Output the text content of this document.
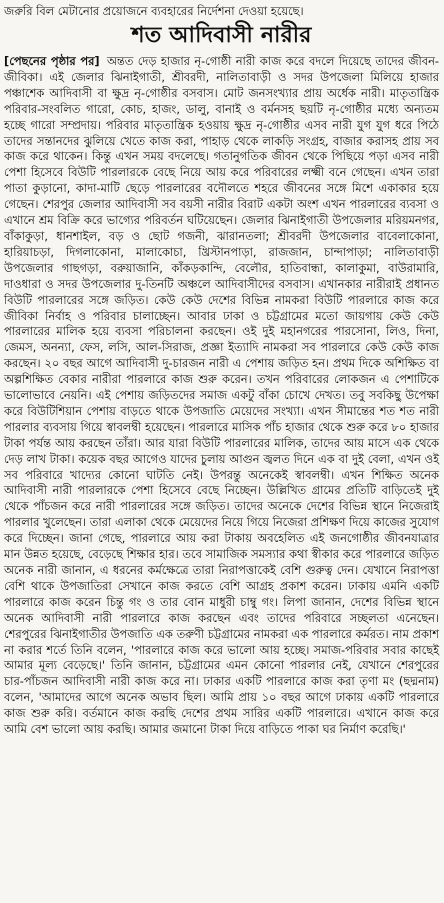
জরুরি বিল মেটানোর প্রয়োজনে ব্যবহারের নির্দেশনা দেওয়া হয়েছে।
শত আদিবাসী নারীর
[পেছনের পৃষ্ঠার পর] অন্তত দেড় হাজার নৃ-গোষ্ঠী নারী কাজ করে বদলে দিয়েছে তাদের জীবন-জীবিকা। এই জেলার ঝিনাইগাতী, শ্রীবরদী, নালিতাবাড়ী ও সদর উপজেলা মিলিয়ে হাজার পঞ্চাশেক আদিবাসী বা ক্ষুদ্র নৃ-গোষ্ঠীর বসবাস। মোট জনসংখ্যার প্রায় অর্ধেক নারী। মাতৃতান্ত্রিক পরিবার-সংবলিত গারো, কোচ, হাজং, ডালু, বানাই ও বর্মনসহ ছয়টি নৃ-গোষ্ঠীর মধ্যে অন্যতম হচ্ছে গারো সম্প্রদায়। পরিবার মাতৃতান্ত্রিক হওয়ায় ক্ষুদ্র নৃ-গোষ্ঠীর এসব নারী যুগ যুগ ধরে পিঠে তাদের সন্তানদের ঝুলিয়ে খেতে কাজ করা, পাহাড় থেকে লাকড়ি সংগ্রহ, বাজার করাসহ প্রায় সব কাজ করে থাকেন। কিন্তু এখন সময় বদলেছে। গতানুগতিক জীবন থেকে পিছিয়ে পড়া এসব নারী পেশা হিসেবে বিউটি পারলারকে বেছে নিয়ে আয় করে পরিবারের লক্ষ্মী বনে গেছেন। এখন তারা পাতা কুড়ানো, কাদা-মাটি ছেড়ে পারলারের বদৌলতে শহরে জীবনের সঙ্গে মিশে একাকার হয়ে গেছেন। শেরপুর জেলার আদিবাসী সব বয়সী নারীর বিরাট একটা অংশ এখন পারলারের ব্যবসা ও এখানে শ্রম বিক্রি করে ভাগ্যের পরিবর্তন ঘটিয়েছেন। জেলার ঝিনাইগাতী উপজেলার মরিয়মনগর, বাঁকাকুড়া, ধানশাইল, বড় ও ছোট গজনী, ঝারানতলা; শ্রীবরদী উপজেলার বাবেলাকোনা, হারিয়াচড়া, দিগলাকোনা, মালাকোচা, খ্রিস্টানপাড়া, রাজজান, চান্দাপাড়া; নালিতাবাড়ী উপজেলার গাছগড়া, বরুয়াজানি, কাঁকড়কান্দি, বেলৌর, হাতিবান্ধা, কালাকুমা, বাউরামারি, দাওধারা ও সদর উপজেলার দু-তিনটি অঞ্চলে আদিবাসীদের বসবাস। এখানকার নারীরাই প্রধানত বিউটি পারলারের সঙ্গে জড়িত। কেউ কেউ দেশের বিভিন্ন নামকরা বিউটি পারলারে কাজ করে জীবিকা নির্বাহ ও পরিবার চালাচ্ছেন। আবার ঢাকা ও চট্টগ্রামের মতো জায়গায় কেউ কেউ পারলারের মালিক হয়ে ব্যবসা পরিচালনা করছেন। ওই দুই মহানগরের পারসোনা, লিও, দিনা, জেমস, অনন্যা, ফেস, লসি, আল-সিরাজ, প্রজ্ঞা ইত্যাদি নামকরা সব পারলারে কেউ কেউ কাজ করছেন। ২০ বছর আগে আদিবাসী দু-চারজন নারী এ পেশায় জড়িত হন। প্রথম দিকে অশিক্ষিত বা অল্পশিক্ষিত বেকার নারীরা পারলারে কাজ শুরু করেন। তখন পরিবারের লোকজন এ পেশাটিকে ভালোভাবে নেয়নি। এই পেশায় জড়িতদের সমাজ একটু বাঁকা চোখে দেখত। তবু সবকিছু উপেক্ষা করে বিউটিশিয়ান পেশায় বাড়তে থাকে উপজাতি মেয়েদের সংখ্যা। এখন সীমান্তের শত শত নারী পারলার ব্যবসায় গিয়ে স্বাবলম্বী হয়েছেন। পারলারে মাসিক পাঁচ হাজার থেকে শুরু করে ৮০ হাজার টাকা পর্যন্ত আয় করছেন তাঁরা। আর যারা বিউটি পারলারের মালিক, তাদের আয় মাসে এক থেকে দেড় লাখ টাকা। কয়েক বছর আগেও যাদের চুলায় আগুন জ্বলত দিনে এক বা দুই বেলা, এখন ওই সব পরিবারে খাদ্যের কোনো ঘাটতি নেই। উপরন্তু অনেকেই স্বাবলম্বী। এখন শিক্ষিত অনেক আদিবাসী নারী পারলারকে পেশা হিসেবে বেছে নিচ্ছেন। উল্লিখিত গ্রামের প্রতিটি বাড়িতেই দুই থেকে পাঁচজন করে নারী পারলারের সঙ্গে জড়িত। তাদের অনেকে দেশের বিভিন্ন স্থানে নিজেরাই পারলার খুলেছেন। তারা এলাকা থেকে মেয়েদের নিয়ে গিয়ে নিজেরা প্রশিক্ষণ দিয়ে কাজের সুযোগ করে দিচ্ছেন। জানা গেছে, পারলারে আয় করা টাকায় অবহেলিত এই জনগোষ্ঠীর জীবনযাত্রার মান উন্নত হয়েছে, বেড়েছে শিক্ষার হার। তবে সামাজিক সমস্যার কথা স্বীকার করে পারলারে জড়িত অনেক নারী জানান, এ ধরনের কর্মক্ষেত্রে তারা নিরাপত্তাকেই বেশি গুরুত্ব দেন। যেখানে নিরাপত্তা বেশি থাকে উপজাতিরা সেখানে কাজ করতে বেশি আগ্রহ প্রকাশ করেন। ঢাকায় এমনি একটি পারলারে কাজ করেন চিন্তু গং ও তার বোন মাধুরী চাম্বু গং। লিপা জানান, দেশের বিভিন্ন স্থানে অনেক আদিবাসী নারী পারলারে কাজ করছেন এবং তাদের পরিবারে সচ্ছলতা এনেছেন। শেরপুরের ঝিনাইগাতীর উপজাতি এক তরুণী চট্টগ্রামের নামকরা এক পারলারে কর্মরত। নাম প্রকাশ না করার শর্তে তিনি বলেন, 'পারলারে কাজ করে ভালো আয় হচ্ছে। সমাজ-পরিবার সবার কাছেই আমার মূল্য বেড়েছে।' তিনি জানান, চট্টগ্রামের এমন কোনো পারলার নেই, যেখানে শেরপুরের চার-পাঁচজন আদিবাসী নারী কাজ করে না। ঢাকার একটি পারলারে কাজ করা তৃণা মং (ছদ্মনাম) বলেন, 'আমাদের আগে অনেক অভাব ছিল। আমি প্রায় ১০ বছর আগে ঢাকায় একটি পারলারে কাজ শুরু করি। বর্তমানে কাজ করছি দেশের প্রথম সারির একটি পারলারে। এখানে কাজ করে আমি বেশ ভালো আয় করছি। আমার জমানো টাকা দিয়ে বাড়িতে পাকা ঘর নির্মাণ করেছি।'
